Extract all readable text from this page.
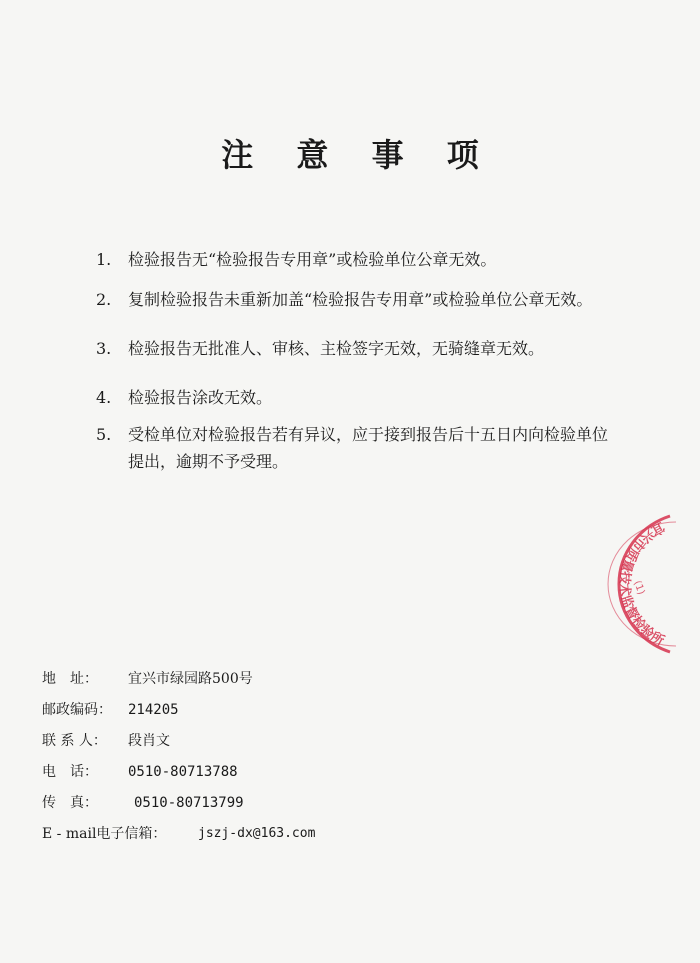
注 意 事 项
1.	检验报告无“检验报告专用章”或检验单位公章无效。
2.	复制检验报告未重新加盖“检验报告专用章”或检验单位公章无效。
3.	检验报告无批准人、审核、主检签字无效，无骑缝章无效。
4.	检验报告涂改无效。
5.	受检单位对检验报告若有异议，应于接到报告后十五日内向检验单位提出，逾期不予受理。
宜兴市质量技术监督检验所
(1)
地　址： 宜兴市绿园路500号
邮政编码： 214205
联 系 人： 段肖文
电　话： 0510-80713788
传　真：	0510-80713799
E - mail电子信箱： jszj-dx@163.com
